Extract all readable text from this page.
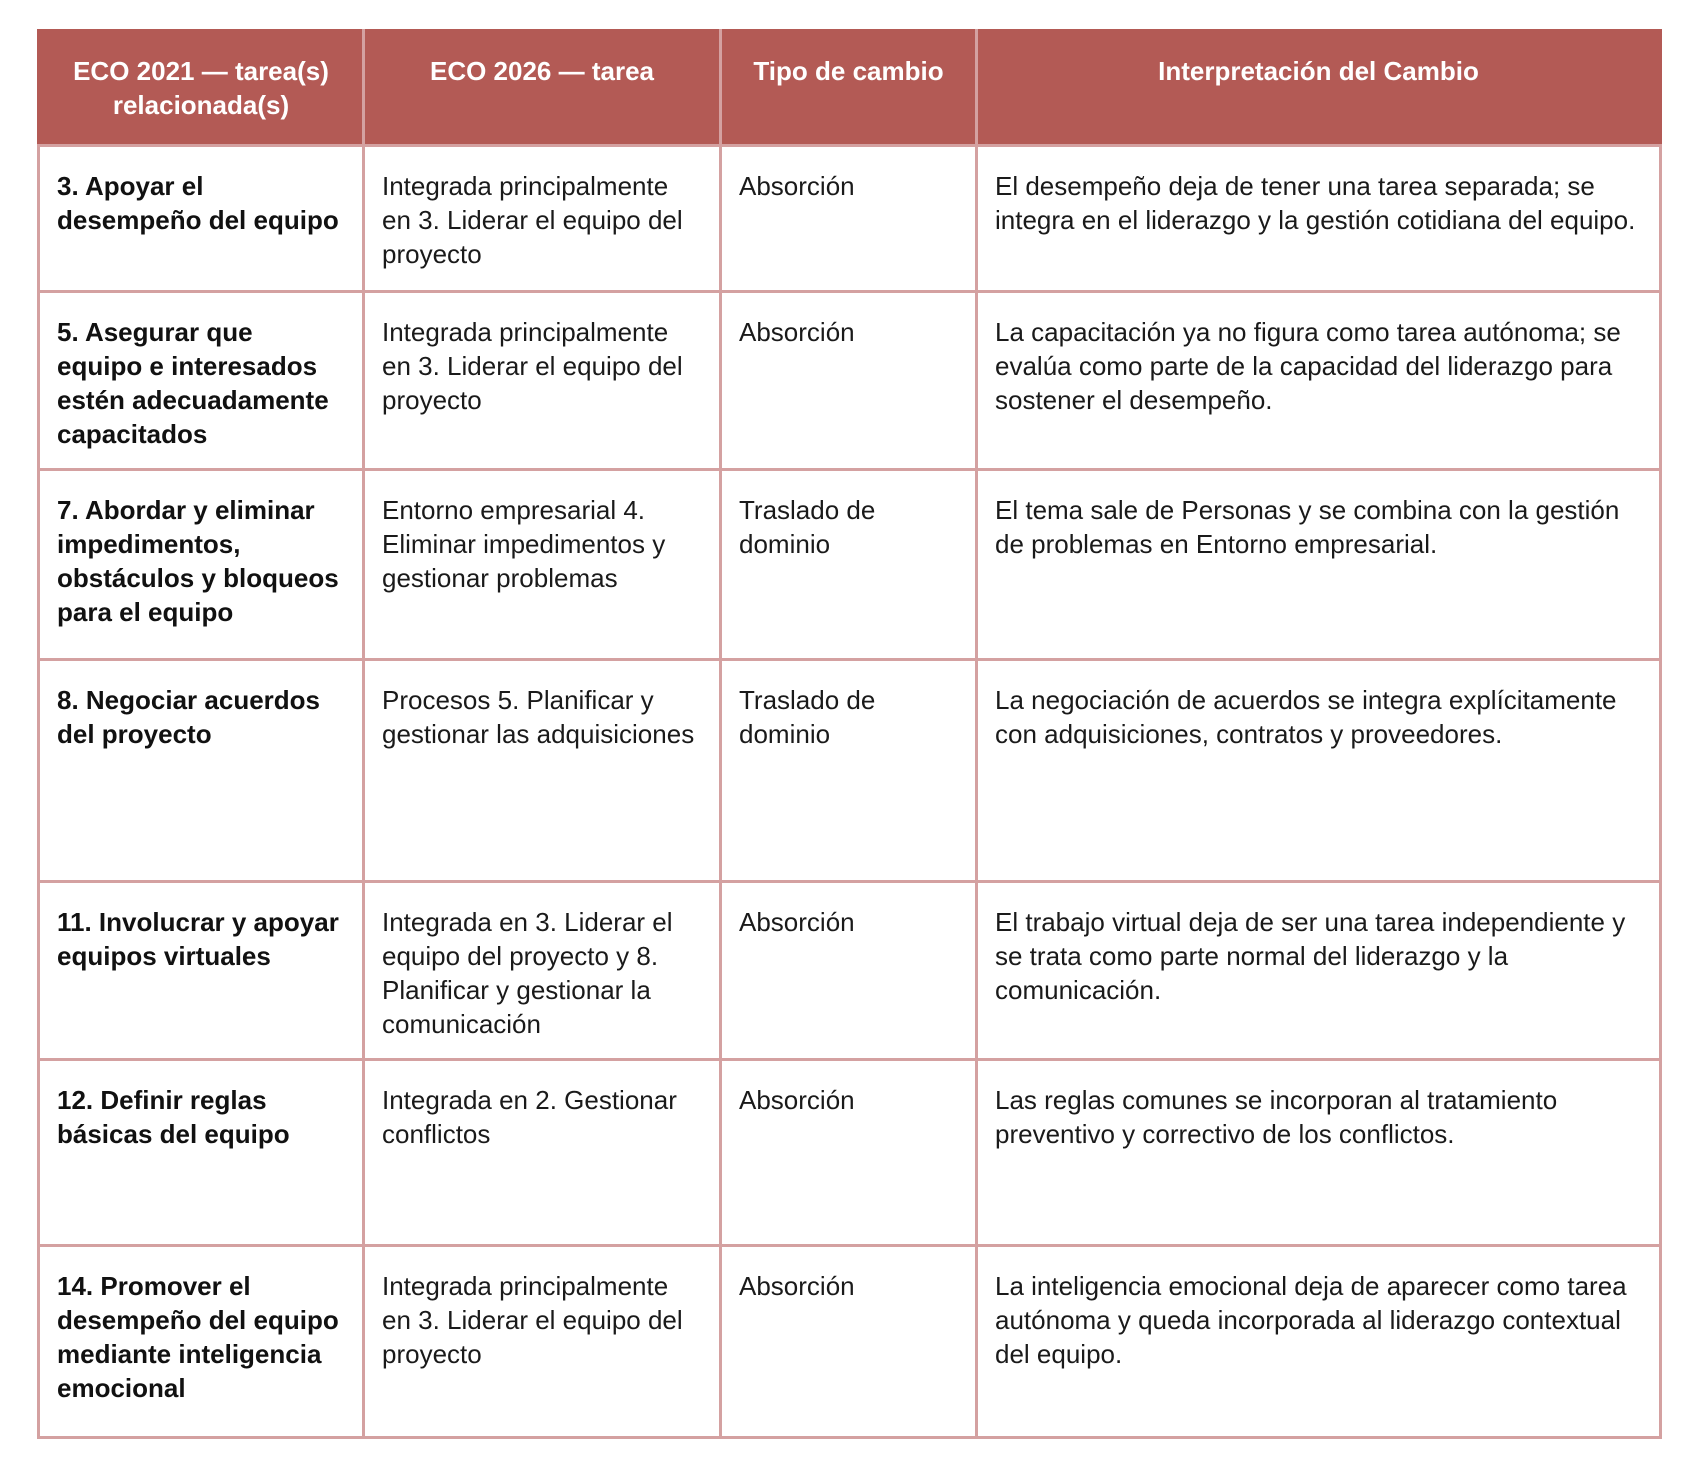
ECO 2021 — tarea(s) relacionada(s)	ECO 2026 — tarea	Tipo de cambio	Interpretación del Cambio
3. Apoyar el desempeño del equipo	Integrada principalmente en 3. Liderar el equipo del proyecto	Absorción	El desempeño deja de tener una tarea separada; se integra en el liderazgo y la gestión cotidiana del equipo.
5. Asegurar que equipo e interesados estén adecuadamente capacitados	Integrada principalmente en 3. Liderar el equipo del proyecto	Absorción	La capacitación ya no figura como tarea autónoma; se evalúa como parte de la capacidad del liderazgo para sostener el desempeño.
7. Abordar y eliminar impedimentos, obstáculos y bloqueos para el equipo	Entorno empresarial 4. Eliminar impedimentos y gestionar problemas	Traslado de dominio	El tema sale de Personas y se combina con la gestión de problemas en Entorno empresarial.
8. Negociar acuerdos del proyecto	Procesos 5. Planificar y gestionar las adquisiciones	Traslado de dominio	La negociación de acuerdos se integra explícitamente con adquisiciones, contratos y proveedores.
11. Involucrar y apoyar equipos virtuales	Integrada en 3. Liderar el equipo del proyecto y 8. Planificar y gestionar la comunicación	Absorción	El trabajo virtual deja de ser una tarea independiente y se trata como parte normal del liderazgo y la comunicación.
12. Definir reglas básicas del equipo	Integrada en 2. Gestionar conflictos	Absorción	Las reglas comunes se incorporan al tratamiento preventivo y correctivo de los conflictos.
14. Promover el desempeño del equipo mediante inteligencia emocional	Integrada principalmente en 3. Liderar el equipo del proyecto	Absorción	La inteligencia emocional deja de aparecer como tarea autónoma y queda incorporada al liderazgo contextual del equipo.
